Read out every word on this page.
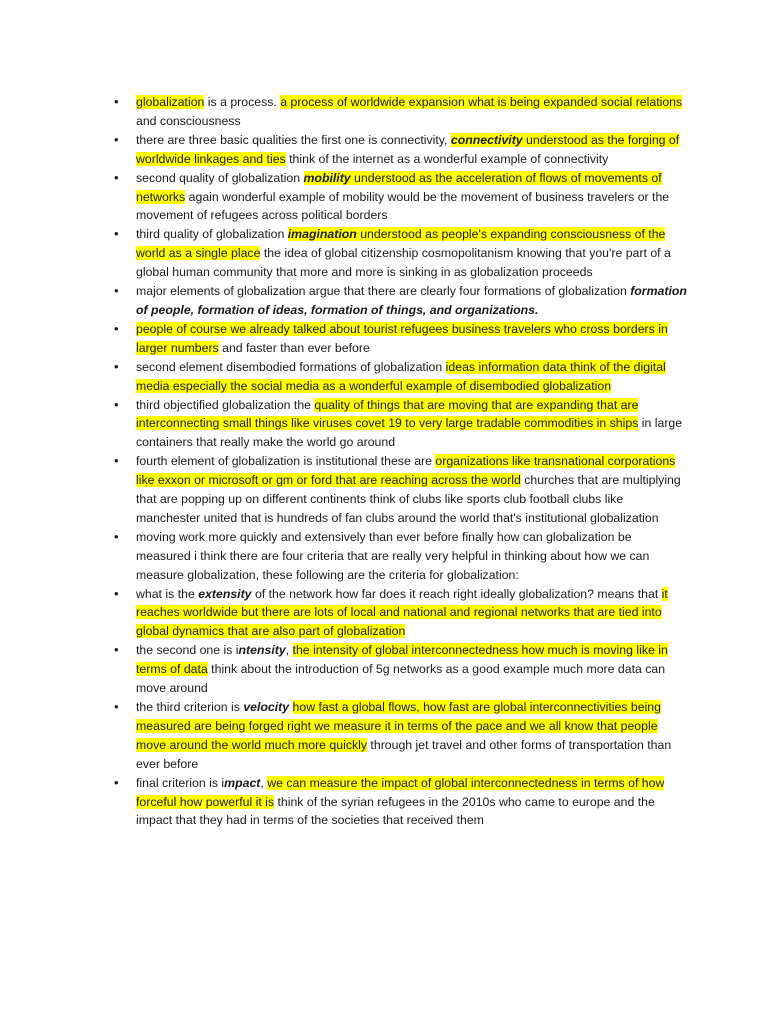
• globalization is a process. a process of worldwide expansion what is being expanded social relations and consciousness
• there are three basic qualities the first one is connectivity, connectivity understood as the forging of worldwide linkages and ties think of the internet as a wonderful example of connectivity
• second quality of globalization mobility understood as the acceleration of flows of movements of networks again wonderful example of mobility would be the movement of business travelers or the movement of refugees across political borders
• third quality of globalization imagination understood as people's expanding consciousness of the world as a single place the idea of global citizenship cosmopolitanism knowing that you're part of a global human community that more and more is sinking in as globalization proceeds
• major elements of globalization argue that there are clearly four formations of globalization formation of people, formation of ideas, formation of things, and organizations.
• people of course we already talked about tourist refugees business travelers who cross borders in larger numbers and faster than ever before
• second element disembodied formations of globalization ideas information data think of the digital media especially the social media as a wonderful example of disembodied globalization
• third objectified globalization the quality of things that are moving that are expanding that are interconnecting small things like viruses covet 19 to very large tradable commodities in ships in large containers that really make the world go around
• fourth element of globalization is institutional these are organizations like transnational corporations like exxon or microsoft or gm or ford that are reaching across the world churches that are multiplying that are popping up on different continents think of clubs like sports club football clubs like manchester united that is hundreds of fan clubs around the world that's institutional globalization
• moving work more quickly and extensively than ever before finally how can globalization be measured i think there are four criteria that are really very helpful in thinking about how we can measure globalization, these following are the criteria for globalization:
• what is the extensity of the network how far does it reach right ideally globalization? means that it reaches worldwide but there are lots of local and national and regional networks that are tied into global dynamics that are also part of globalization
• the second one is intensity, the intensity of global interconnectedness how much is moving like in terms of data think about the introduction of 5g networks as a good example much more data can move around
• the third criterion is velocity how fast a global flows, how fast are global interconnectivities being measured are being forged right we measure it in terms of the pace and we all know that people move around the world much more quickly through jet travel and other forms of transportation than ever before
• final criterion is impact, we can measure the impact of global interconnectedness in terms of how forceful how powerful it is think of the syrian refugees in the 2010s who came to europe and the impact that they had in terms of the societies that received them
